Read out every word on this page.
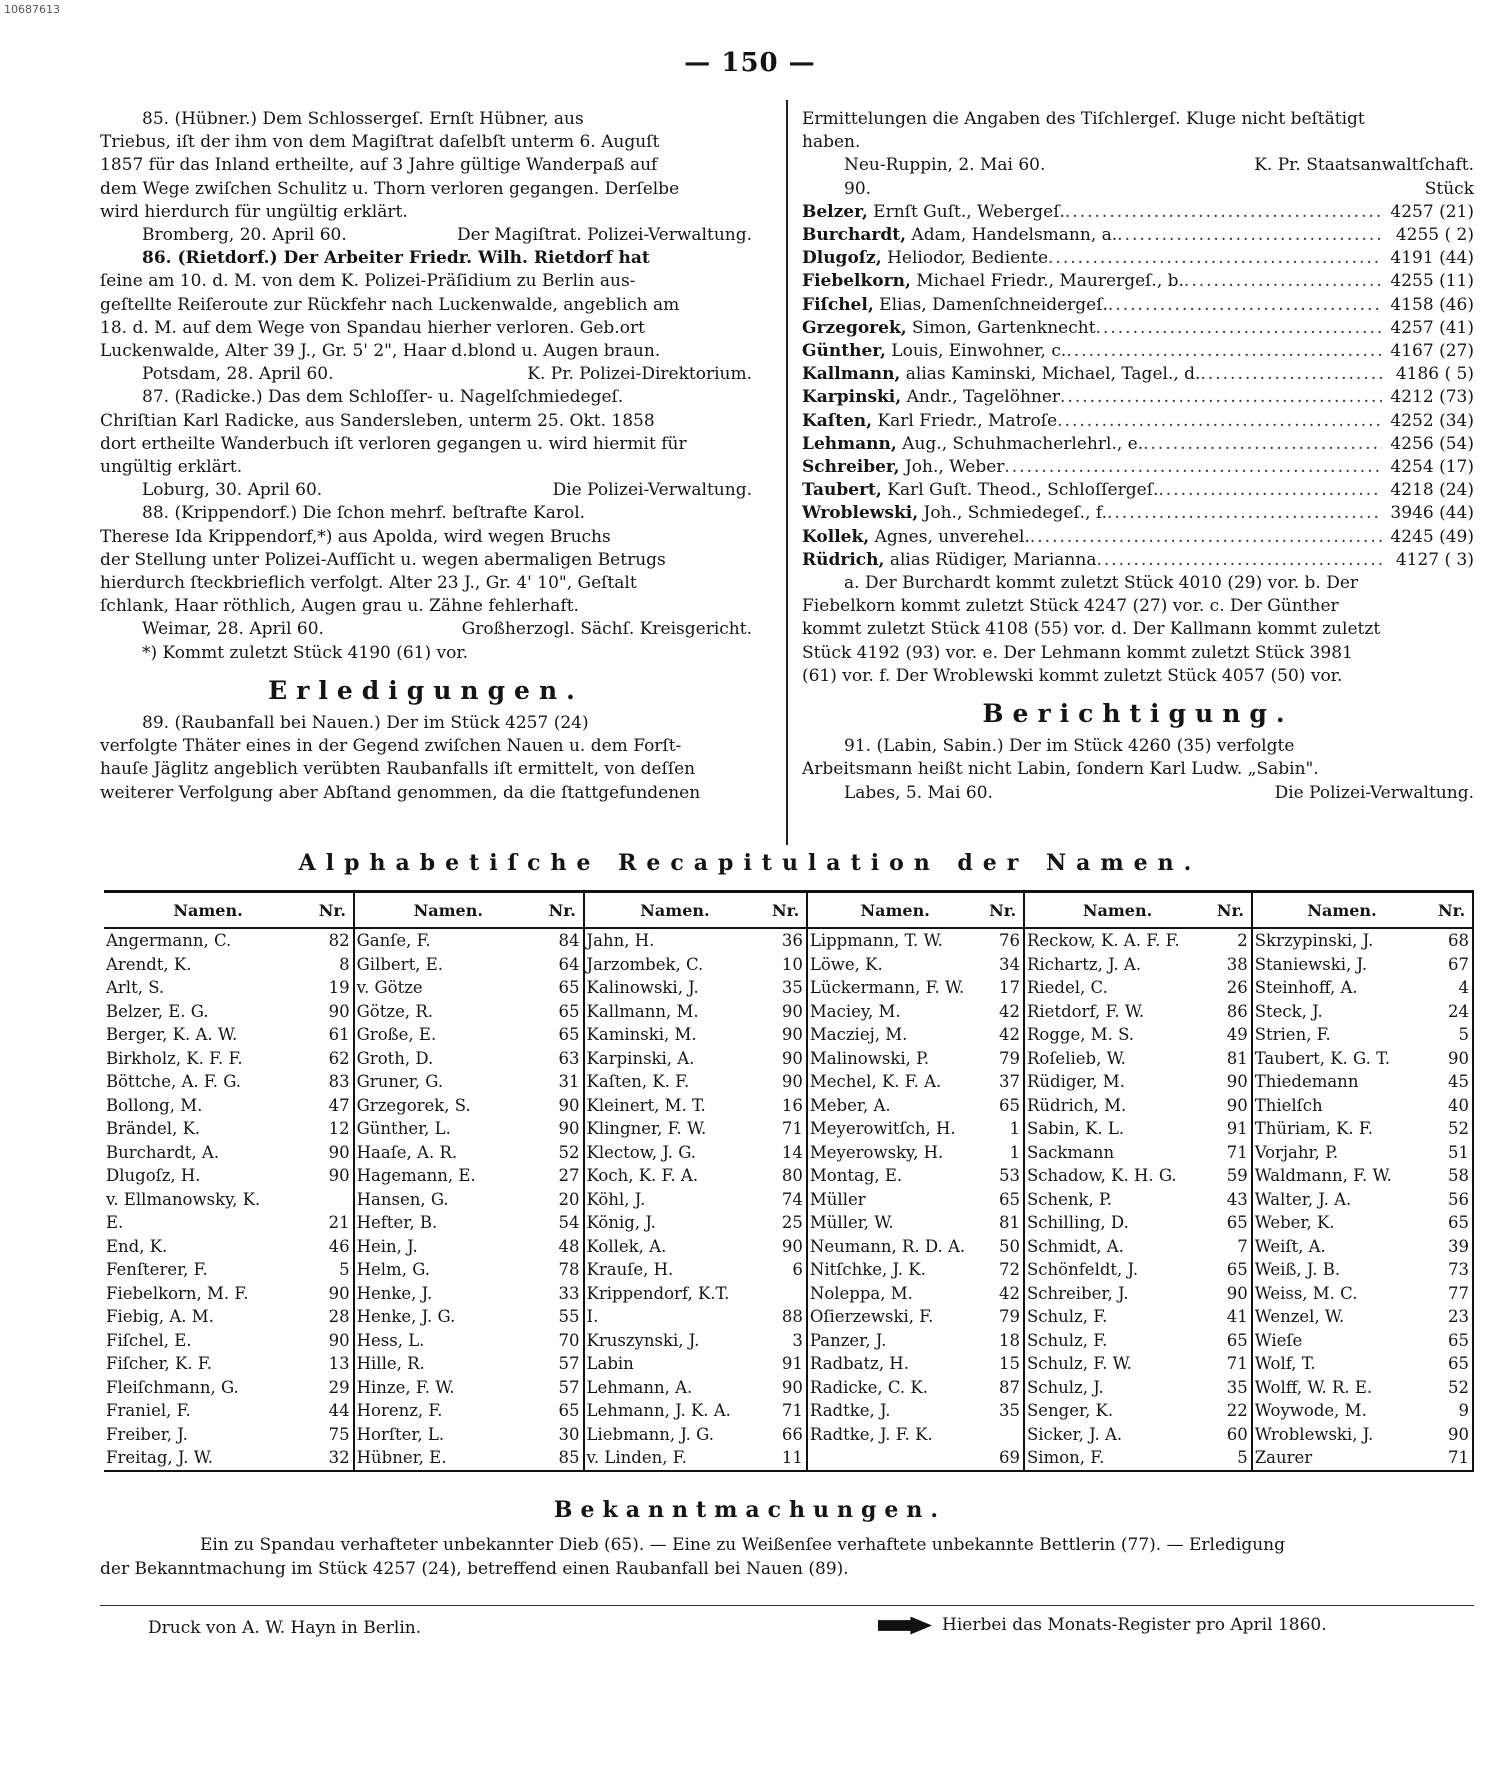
10687613
— 150 —
85. (Hübner.) Dem Schlossergeſ. Ernſt Hübner, aus
Triebus, iſt der ihm von dem Magiſtrat daſelbſt unterm 6. Auguſt
1857 für das Inland ertheilte, auf 3 Jahre gültige Wanderpaß auf
dem Wege zwiſchen Schulitz u. Thorn verloren gegangen. Derſelbe
wird hierdurch für ungültig erklärt.
Bromberg, 20. April 60.	Der Magiſtrat. Polizei-Verwaltung.
86. (Rietdorf.) Der Arbeiter Friedr. Wilh. Rietdorf hat
ſeine am 10. d. M. von dem K. Polizei-Präſidium zu Berlin aus-
geſtellte Reiſeroute zur Rückfehr nach Luckenwalde, angeblich am
18. d. M. auf dem Wege von Spandau hierher verloren. Geb.ort
Luckenwalde, Alter 39 J., Gr. 5' 2", Haar d.blond u. Augen braun.
Potsdam, 28. April 60.	K. Pr. Polizei-Direktorium.
87. (Radicke.) Das dem Schloſſer- u. Nagelſchmiedegeſ.
Chriſtian Karl Radicke, aus Sandersleben, unterm 25. Okt. 1858
dort ertheilte Wanderbuch iſt verloren gegangen u. wird hiermit für
ungültig erklärt.
Loburg, 30. April 60.	Die Polizei-Verwaltung.
88. (Krippendorf.) Die ſchon mehrf. beſtrafte Karol.
Therese Ida Krippendorf,*) aus Apolda, wird wegen Bruchs
der Stellung unter Polizei-Aufſicht u. wegen abermaligen Betrugs
hierdurch ſteckbrieflich verfolgt. Alter 23 J., Gr. 4' 10", Geſtalt
ſchlank, Haar röthlich, Augen grau u. Zähne fehlerhaft.
Weimar, 28. April 60.	Großherzogl. Sächſ. Kreisgericht.
*) Kommt zuletzt Stück 4190 (61) vor.
Erledigungen.
89. (Raubanfall bei Nauen.) Der im Stück 4257 (24)
verfolgte Thäter eines in der Gegend zwiſchen Nauen u. dem Forſt-
hauſe Jäglitz angeblich verübten Raubanfalls iſt ermittelt, von deſſen
weiterer Verfolgung aber Abſtand genommen, da die ſtattgefundenen
Ermittelungen die Angaben des Tiſchlergeſ. Kluge nicht beſtätigt
haben.
Neu-Ruppin, 2. Mai 60.	K. Pr. Staatsanwaltſchaft.
90.	Stück
Belzer, Ernſt Guſt., Webergeſ. .....	4257 (21)
Burchardt, Adam, Handelsmann, a. .....	4255 ( 2)
Dlugoſz, Heliodor, Bediente .....	4191 (44)
Fiebelkorn, Michael Friedr., Maurergeſ., b. .....	4255 (11)
Fiſchel, Elias, Damenſchneidergeſ. .....	4158 (46)
Grzegorek, Simon, Gartenknecht .....	4257 (41)
Günther, Louis, Einwohner, c. .....	4167 (27)
Kallmann, alias Kaminski, Michael, Tagel., d. .....	4186 ( 5)
Karpinski, Andr., Tagelöhner .....	4212 (73)
Kaſten, Karl Friedr., Matroſe .....	4252 (34)
Lehmann, Aug., Schuhmacherlehrl., e. .....	4256 (54)
Schreiber, Joh., Weber .....	4254 (17)
Taubert, Karl Guſt. Theod., Schloſſergeſ. .....	4218 (24)
Wroblewski, Joh., Schmiedegeſ., f. .....	3946 (44)
Kollek, Agnes, unverehel. .....	4245 (49)
Rüdrich, alias Rüdiger, Marianna .....	4127 ( 3)
a. Der Burchardt kommt zuletzt Stück 4010 (29) vor. b. Der
Fiebelkorn kommt zuletzt Stück 4247 (27) vor. c. Der Günther
kommt zuletzt Stück 4108 (55) vor. d. Der Kallmann kommt zuletzt
Stück 4192 (93) vor. e. Der Lehmann kommt zuletzt Stück 3981
(61) vor. f. Der Wroblewski kommt zuletzt Stück 4057 (50) vor.
Berichtigung.
91. (Labin, Sabin.) Der im Stück 4260 (35) verfolgte
Arbeitsmann heißt nicht Labin, ſondern Karl Ludw. „Sabin".
Labes, 5. Mai 60.	Die Polizei-Verwaltung.
Alphabetiſche Recapitulation der Namen.
Namen.	Nr.	Namen.	Nr.	Namen.	Nr.	Namen.	Nr.	Namen.	Nr.	Namen.	Nr.
Angermann, C.	82	Ganſe, F.	84	Jahn, H.	36	Lippmann, T. W.	76	Reckow, K. A. F. F.	2	Skrzypinski, J.	68
Arendt, K.	8	Gilbert, E.	64	Jarzombek, C.	10	Löwe, K.	34	Richartz, J. A.	38	Staniewski, J.	67
Arlt, S.	19	v. Götze	65	Kalinowski, J.	35	Lückermann, F. W.	17	Riedel, C.	26	Steinhoff, A.	4
Belzer, E. G.	90	Götze, R.	65	Kallmann, M.	90	Maciey, M.	42	Rietdorf, F. W.	86	Steck, J.	24
Berger, K. A. W.	61	Große, E.	65	Kaminski, M.	90	Macziej, M.	42	Rogge, M. S.	49	Strien, F.	5
Birkholz, K. F. F.	62	Groth, D.	63	Karpinski, A.	90	Malinowski, P.	79	Roſelieb, W.	81	Taubert, K. G. T.	90
Böttche, A. F. G.	83	Gruner, G.	31	Kaſten, K. F.	90	Mechel, K. F. A.	37	Rüdiger, M.	90	Thiedemann	45
Bollong, M.	47	Grzegorek, S.	90	Kleinert, M. T.	16	Meber, A.	65	Rüdrich, M.	90	Thielſch	40
Brändel, K.	12	Günther, L.	90	Klingner, F. W.	71	Meyerowitſch, H.	1	Sabin, K. L.	91	Thüriam, K. F.	52
Burchardt, A.	90	Haaſe, A. R.	52	Klectow, J. G.	14	Meyerowsky, H.	1	Sackmann	71	Vorjahr, P.	51
Dlugoſz, H.	90	Hagemann, E.	27	Koch, K. F. A.	80	Montag, E.	53	Schadow, K. H. G.	59	Waldmann, F. W.	58
v. Ellmanowsky, K.		Hansen, G.	20	Köhl, J.	74	Müller	65	Schenk, P.	43	Walter, J. A.	56
E.	21	Hefter, B.	54	König, J.	25	Müller, W.	81	Schilling, D.	65	Weber, K.	65
End, K.	46	Hein, J.	48	Kollek, A.	90	Neumann, R. D. A.	50	Schmidt, A.	7	Weiſt, A.	39
Fenſterer, F.	5	Helm, G.	78	Krauſe, H.	6	Nitſchke, J. K.	72	Schönfeldt, J.	65	Weiß, J. B.	73
Fiebelkorn, M. F.	90	Henke, J.	33	Krippendorf, K.T.		Noleppa, M.	42	Schreiber, J.	90	Weiss, M. C.	77
Fiebig, A. M.	28	Henke, J. G.	55	I.	88	Oſierzewski, F.	79	Schulz, F.	41	Wenzel, W.	23
Fiſchel, E.	90	Hess, L.	70	Kruszynski, J.	3	Panzer, J.	18	Schulz, F.	65	Wieſe	65
Fiſcher, K. F.	13	Hille, R.	57	Labin	91	Radbatz, H.	15	Schulz, F. W.	71	Wolf, T.	65
Fleiſchmann, G.	29	Hinze, F. W.	57	Lehmann, A.	90	Radicke, C. K.	87	Schulz, J.	35	Wolff, W. R. E.	52
Franiel, F.	44	Horenz, F.	65	Lehmann, J. K. A.	71	Radtke, J.	35	Senger, K.	22	Woywode, M.	9
Freiber, J.	75	Horſter, L.	30	Liebmann, J. G.	66	Radtke, J. F. K.		Sicker, J. A.	60	Wroblewski, J.	90
Freitag, J. W.	32	Hübner, E.	85	v. Linden, F.	11		69	Simon, F.	5	Zaurer	71
Bekanntmachungen.
Ein zu Spandau verhafteter unbekannter Dieb (65). — Eine zu Weißenſee verhaftete unbekannte Bettlerin (77). — Erledigung
der Bekanntmachung im Stück 4257 (24), betreffend einen Raubanfall bei Nauen (89).
Druck von A. W. Hayn in Berlin.	Hierbei das Monats-Register pro April 1860.
